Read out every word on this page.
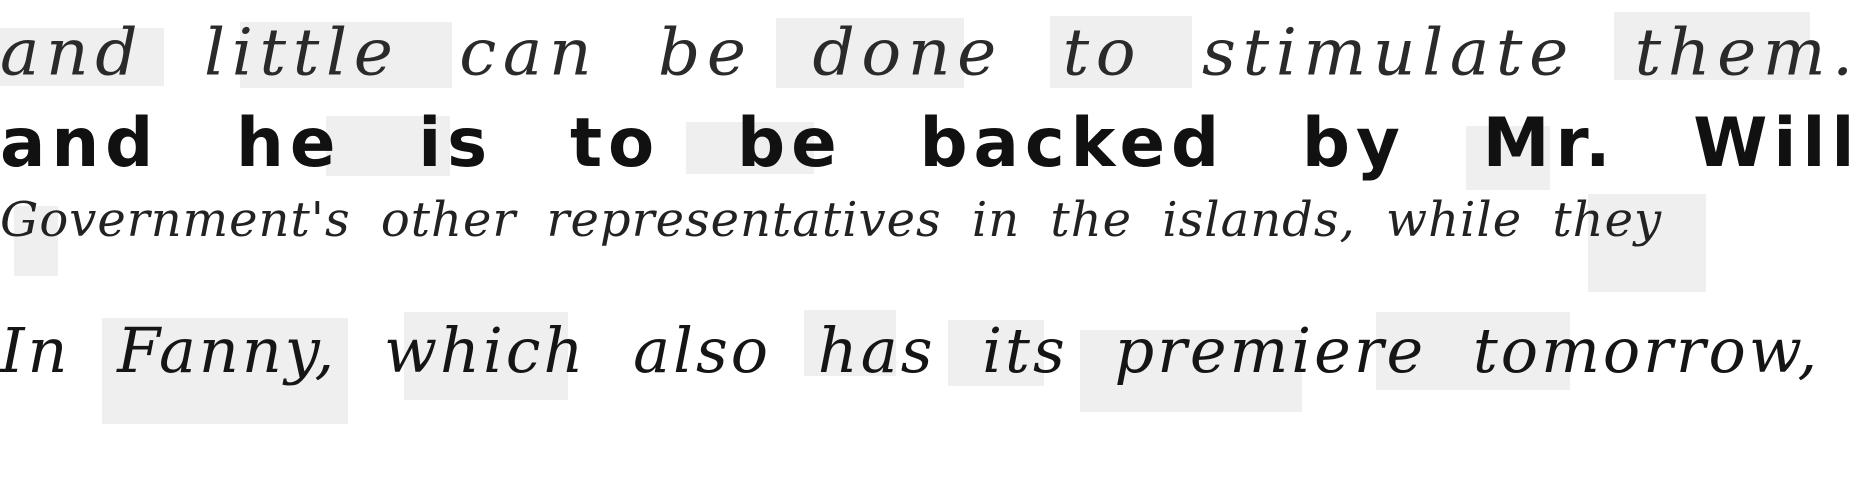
and little can be done to stimulate them.
and he is to be backed by Mr. Will
Government's other representatives in the islands, while they
In Fanny, which also has its premiere tomorrow,
